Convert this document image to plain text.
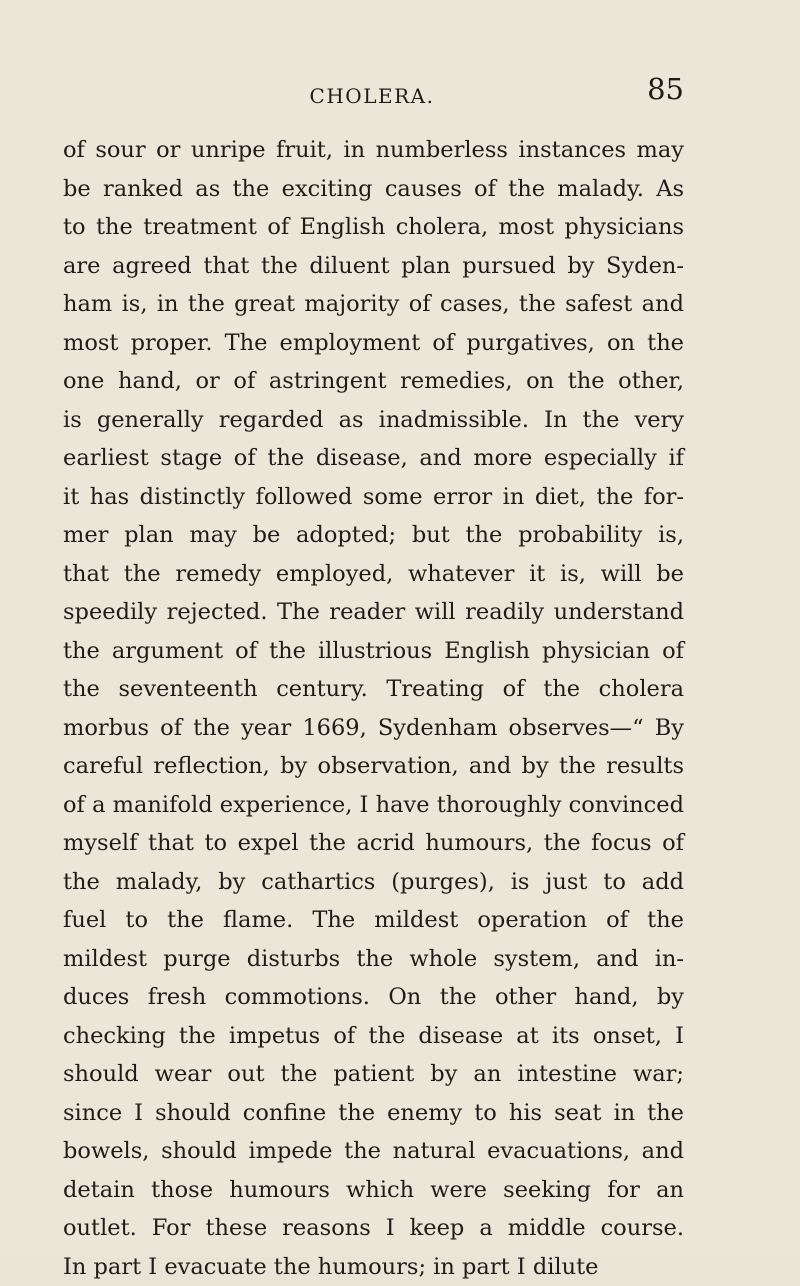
CHOLERA.	85
of sour or unripe fruit, in numberless instances may
be ranked as the exciting causes of the malady. As
to the treatment of English cholera, most physicians
are agreed that the diluent plan pursued by Syden-
ham is, in the great majority of cases, the safest and
most proper. The employment of purgatives, on the
one hand, or of astringent remedies, on the other,
is generally regarded as inadmissible. In the very
earliest stage of the disease, and more especially if
it has distinctly followed some error in diet, the for-
mer plan may be adopted; but the probability is,
that the remedy employed, whatever it is, will be
speedily rejected. The reader will readily understand
the argument of the illustrious English physician of
the seventeenth century. Treating of the cholera
morbus of the year 1669, Sydenham observes—“ By
careful reflection, by observation, and by the results
of a manifold experience, I have thoroughly convinced
myself that to expel the acrid humours, the focus of
the malady, by cathartics (purges), is just to add
fuel to the flame. The mildest operation of the
mildest purge disturbs the whole system, and in-
duces fresh commotions. On the other hand, by
checking the impetus of the disease at its onset, I
should wear out the patient by an intestine war;
since I should confine the enemy to his seat in the
bowels, should impede the natural evacuations, and
detain those humours which were seeking for an
outlet. For these reasons I keep a middle course.
In part I evacuate the humours; in part I dilute
